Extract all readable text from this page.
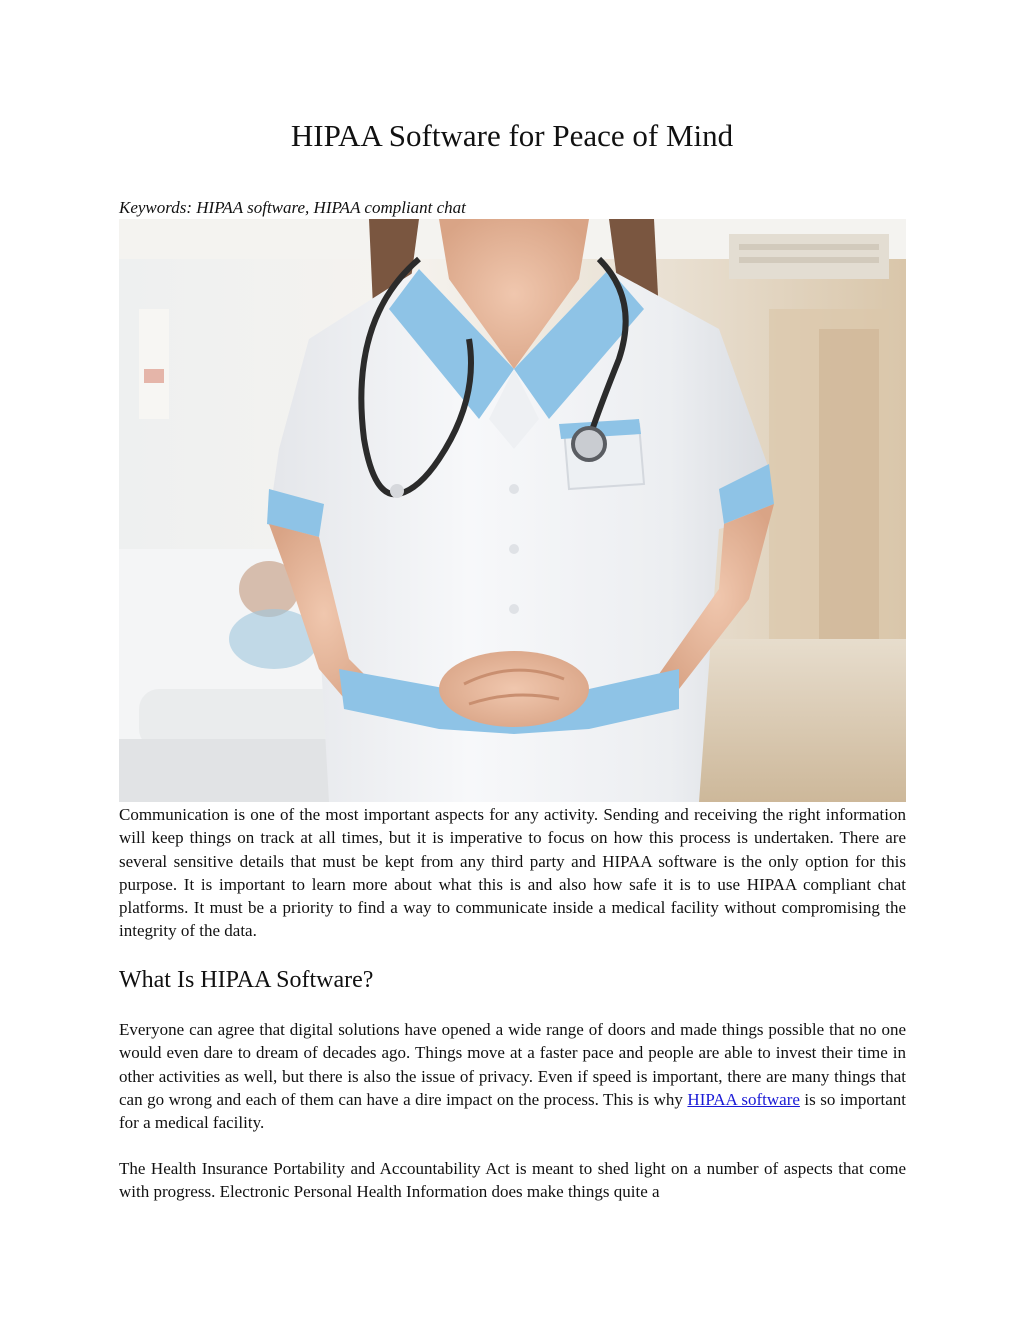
HIPAA Software for Peace of Mind

Keywords: HIPAA software, HIPAA compliant chat

Communication is one of the most important aspects for any activity. Sending and receiving the right information will keep things on track at all times, but it is imperative to focus on how this process is undertaken. There are several sensitive details that must be kept from any third party and HIPAA software is the only option for this purpose. It is important to learn more about what this is and also how safe it is to use HIPAA compliant chat platforms. It must be a priority to find a way to communicate inside a medical facility without compromising the integrity of the data.

What Is HIPAA Software?

Everyone can agree that digital solutions have opened a wide range of doors and made things possible that no one would even dare to dream of decades ago. Things move at a faster pace and people are able to invest their time in other activities as well, but there is also the issue of privacy. Even if speed is important, there are many things that can go wrong and each of them can have a dire impact on the process. This is why HIPAA software is so important for a medical facility.

The Health Insurance Portability and Accountability Act is meant to shed light on a number of aspects that come with progress. Electronic Personal Health Information does make things quite a
